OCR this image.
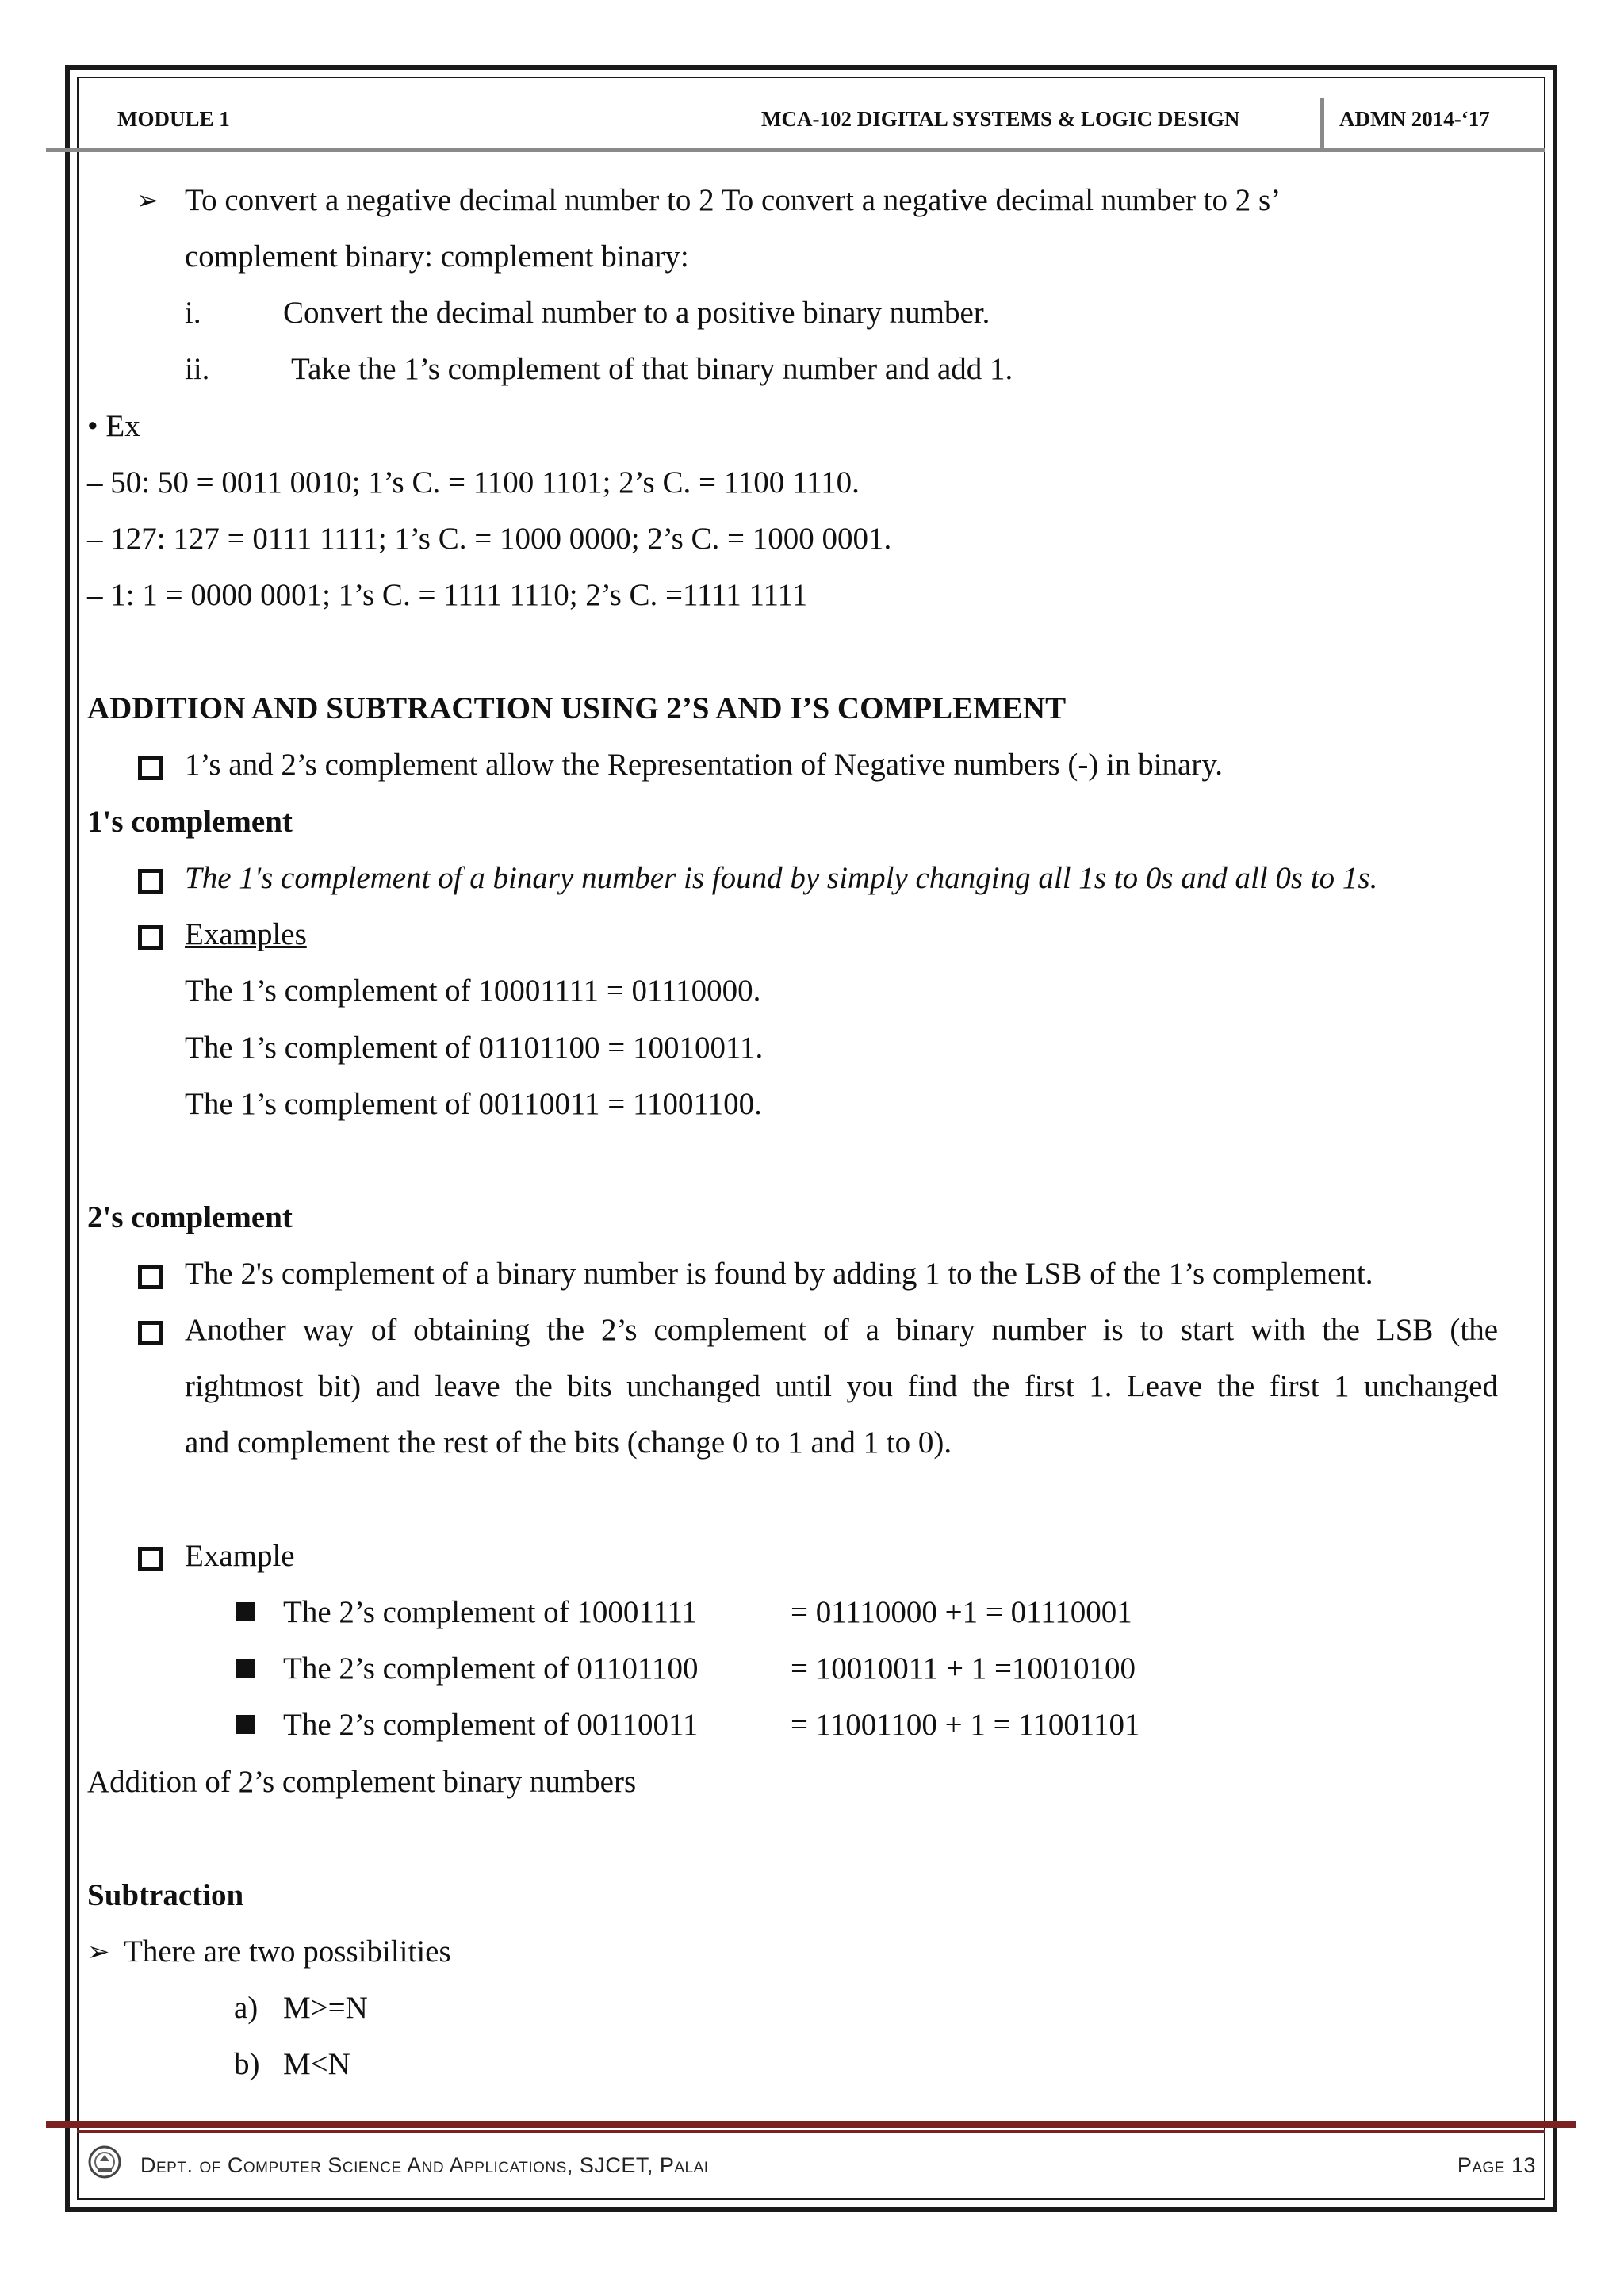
MODULE 1	MCA-102 DIGITAL SYSTEMS & LOGIC DESIGN	ADMN 2014-‘17
➢ To convert a negative decimal number to 2 To convert a negative decimal number to 2 s’
complement binary: complement binary:
i.	Convert the decimal number to a positive binary number.
ii.	Take the 1’s complement of that binary number and add 1.
• Ex
– 50: 50 = 0011 0010; 1’s C. = 1100 1101; 2’s C. = 1100 1110.
– 127: 127 = 0111 1111; 1’s C. = 1000 0000; 2’s C. = 1000 0001.
– 1: 1 = 0000 0001; 1’s C. = 1111 1110; 2’s C. =1111 1111
ADDITION AND SUBTRACTION USING 2’S AND I’S COMPLEMENT
1’s and 2’s complement allow the Representation of Negative numbers (-) in binary.
1's complement
The 1's complement of a binary number is found by simply changing all 1s to 0s and all 0s to 1s.
Examples
The 1’s complement of 10001111 = 01110000.
The 1’s complement of 01101100 = 10010011.
The 1’s complement of 00110011 = 11001100.
2's complement
The 2's complement of a binary number is found by adding 1 to the LSB of the 1’s complement.
Another way of obtaining the 2’s complement of a binary number is to start with the LSB (the
rightmost bit) and leave the bits unchanged until you find the first 1. Leave the first 1 unchanged
and complement the rest of the bits (change 0 to 1 and 1 to 0).
Example
The 2’s complement of 10001111	= 01110000 +1 = 01110001
The 2’s complement of 01101100	= 10010011 + 1 =10010100
The 2’s complement of 00110011	= 11001100 + 1 = 11001101
Addition of 2’s complement binary numbers
Subtraction
➢ There are two possibilities
a) M>=N
b) M<N
Dept. of Computer Science And Applications, SJCET, Palai	Page 13
